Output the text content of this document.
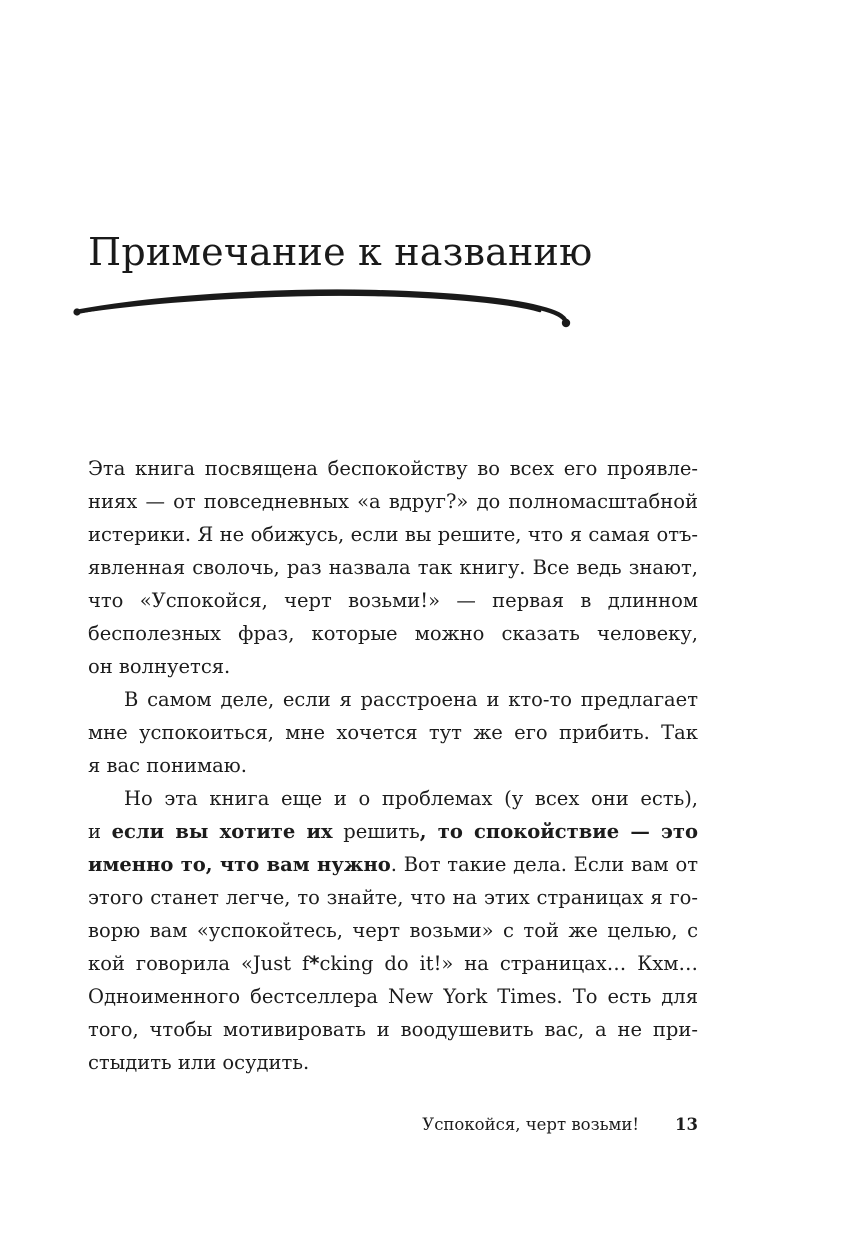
Примечание к названию

Эта книга посвящена беспокойству во всех его проявле-
ниях — от повседневных «а вдруг?» до полномасштабной
истерики. Я не обижусь, если вы решите, что я самая отъ-
явленная сволочь, раз назвала так книгу. Все ведь знают,
что «Успокойся, черт возьми!» — первая в длинном
бесполезных фраз, которые можно сказать человеку,
он волнуется.

В самом деле, если я расстроена и кто-то предлагает
мне успокоиться, мне хочется тут же его прибить. Так
я вас понимаю.

Но эта книга еще и о проблемах (у всех они есть),
и если вы хотите их решить, то спокойствие — это
именно то, что вам нужно. Вот такие дела. Если вам от
этого станет легче, то знайте, что на этих страницах я го-
ворю вам «успокойтесь, черт возьми» с той же целью, с
кой говорила «Just f*cking do it!» на страницах… Кхм…
Одноименного бестселлера New York Times. То есть для
того, чтобы мотивировать и воодушевить вас, а не при-
стыдить или осудить.

Успокойся, черт возьми! 13
